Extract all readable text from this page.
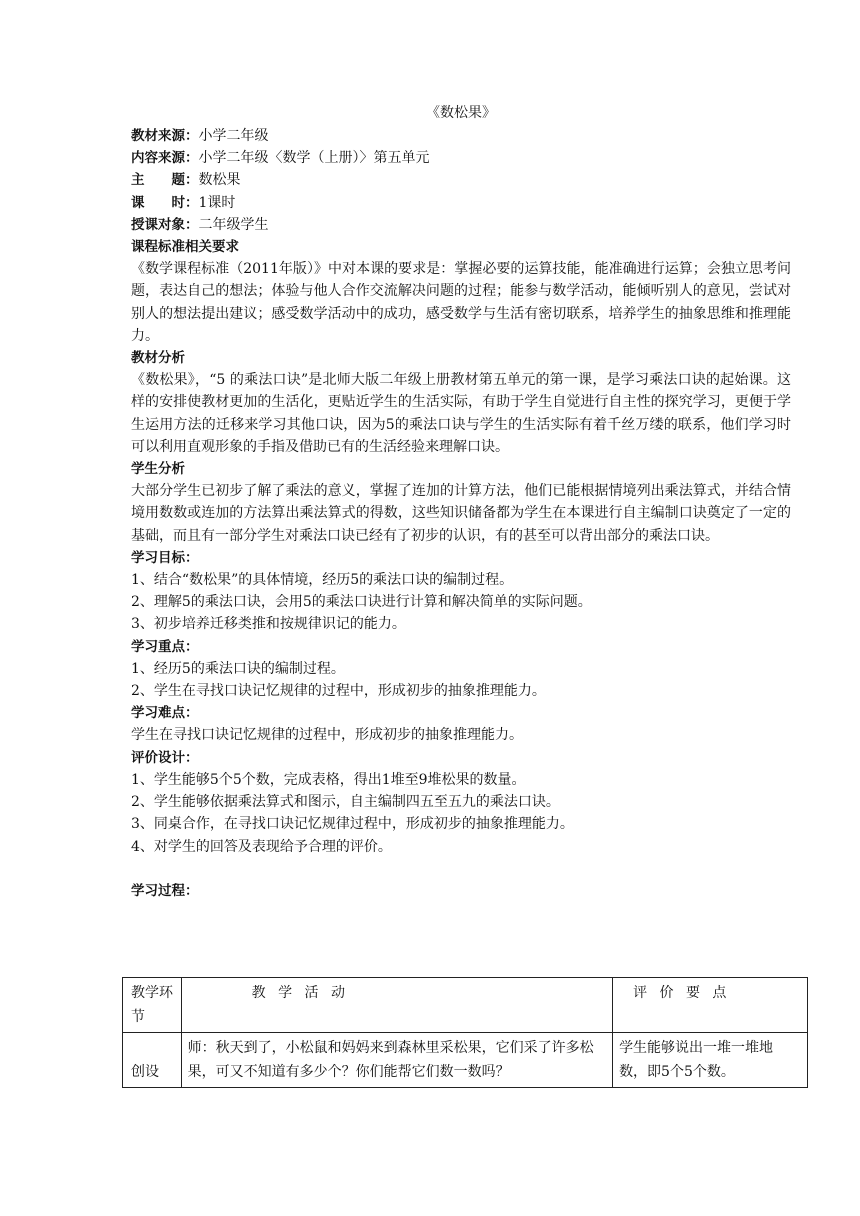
《数松果》
教材来源：小学二年级
内容来源：小学二年级〈数学（上册）〉第五单元
主　　题：数松果
课　　时：1课时
授课对象：二年级学生
课程标准相关要求
《数学课程标准（2011年版）》中对本课的要求是：掌握必要的运算技能，能准确进行运算；会独立思考问题，表达自己的想法；体验与他人合作交流解决问题的过程；能参与数学活动，能倾听别人的意见，尝试对别人的想法提出建议；感受数学活动中的成功，感受数学与生活有密切联系，培养学生的抽象思维和推理能力。
教材分析
《数松果》，“5 的乘法口诀”是北师大版二年级上册教材第五单元的第一课，是学习乘法口诀的起始课。这样的安排使教材更加的生活化，更贴近学生的生活实际，有助于学生自觉进行自主性的探究学习，更便于学生运用方法的迁移来学习其他口诀，因为5的乘法口诀与学生的生活实际有着千丝万缕的联系，他们学习时可以利用直观形象的手指及借助已有的生活经验来理解口诀。
学生分析
大部分学生已初步了解了乘法的意义，掌握了连加的计算方法，他们已能根据情境列出乘法算式，并结合情境用数数或连加的方法算出乘法算式的得数，这些知识储备都为学生在本课进行自主编制口诀奠定了一定的基础，而且有一部分学生对乘法口诀已经有了初步的认识，有的甚至可以背出部分的乘法口诀。
学习目标：
1、结合“数松果”的具体情境，经历5的乘法口诀的编制过程。
2、理解5的乘法口诀，会用5的乘法口诀进行计算和解决简单的实际问题。
3、初步培养迁移类推和按规律识记的能力。
学习重点：
1、经历5的乘法口诀的编制过程。
2、学生在寻找口诀记忆规律的过程中，形成初步的抽象推理能力。
学习难点：
学生在寻找口诀记忆规律的过程中，形成初步的抽象推理能力。
评价设计：
1、学生能够5个5个数，完成表格，得出1堆至9堆松果的数量。
2、学生能够依据乘法算式和图示，自主编制四五至五九的乘法口诀。
3、同桌合作，在寻找口诀记忆规律过程中，形成初步的抽象推理能力。
4、对学生的回答及表现给予合理的评价。
学习过程：
教学环节	教 学 活 动	评 价 要 点
创设	师：秋天到了，小松鼠和妈妈来到森林里采松果，它们采了许多松果，可又不知道有多少个？你们能帮它们数一数吗？	学生能够说出一堆一堆地数，即5个5个数。
